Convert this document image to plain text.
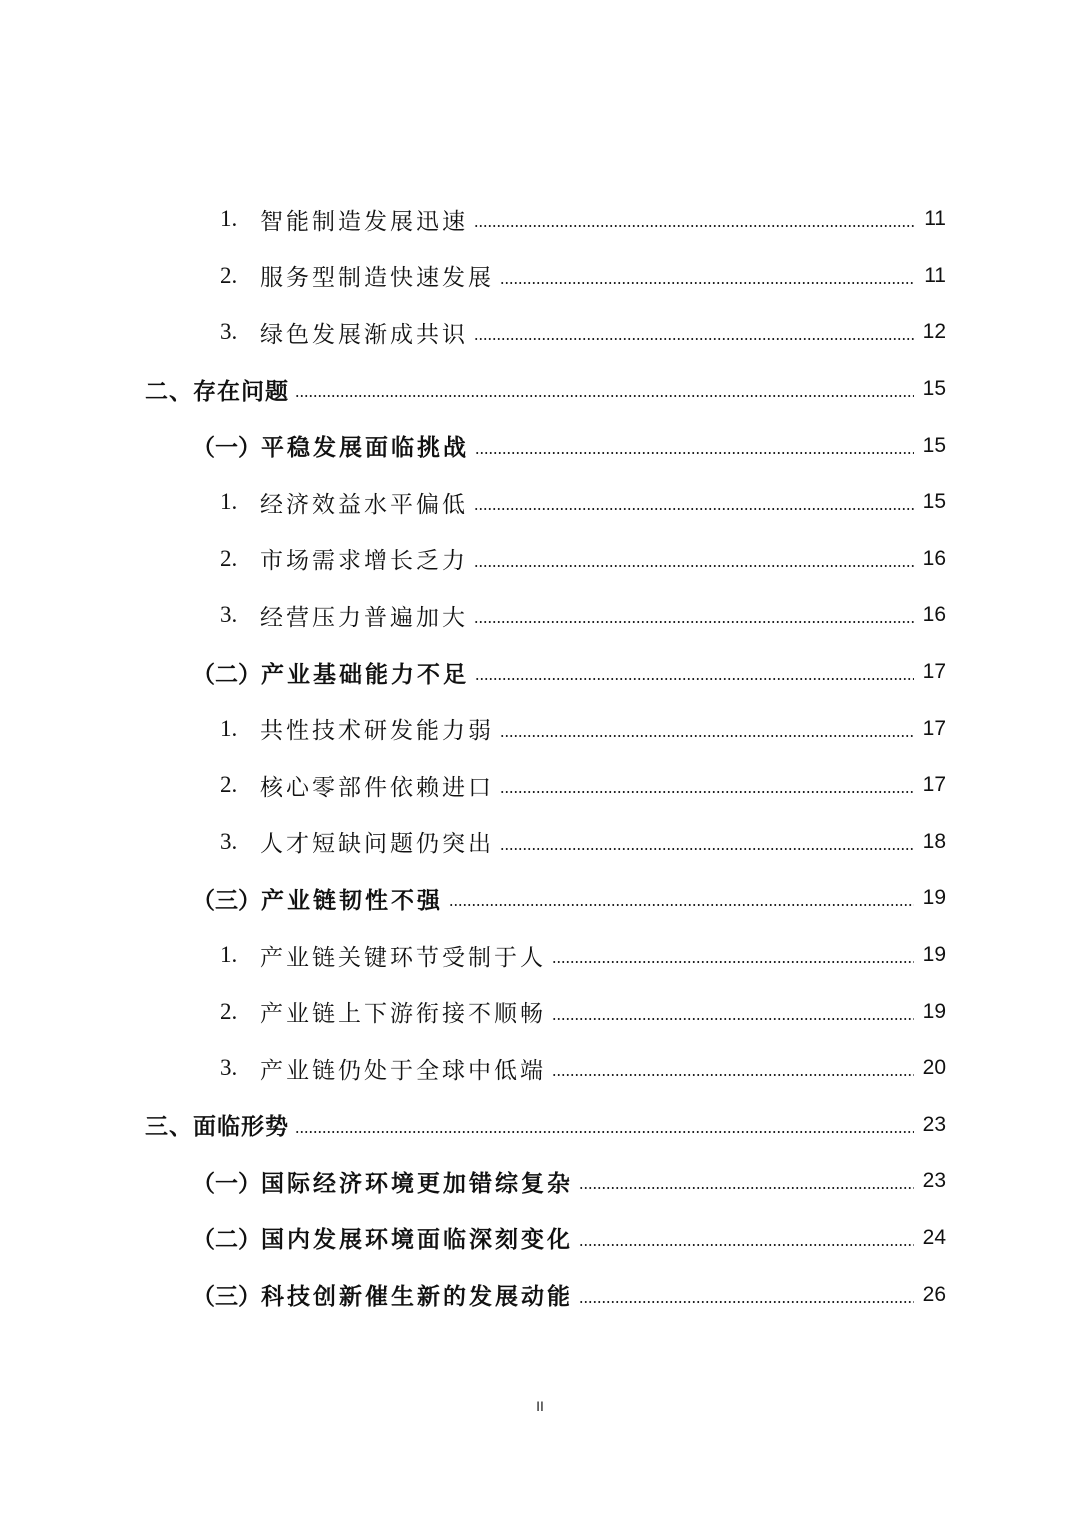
1. 智能制造发展迅速	11
2. 服务型制造快速发展	11
3. 绿色发展渐成共识	12
二、 存在问题	15
（一） 平稳发展面临挑战	15
1. 经济效益水平偏低	15
2. 市场需求增长乏力	16
3. 经营压力普遍加大	16
（二） 产业基础能力不足	17
1. 共性技术研发能力弱	17
2. 核心零部件依赖进口	17
3. 人才短缺问题仍突出	18
（三） 产业链韧性不强	19
1. 产业链关键环节受制于人	19
2. 产业链上下游衔接不顺畅	19
3. 产业链仍处于全球中低端	20
三、 面临形势	23
（一） 国际经济环境更加错综复杂	23
（二） 国内发展环境面临深刻变化	24
（三） 科技创新催生新的发展动能	26
II
